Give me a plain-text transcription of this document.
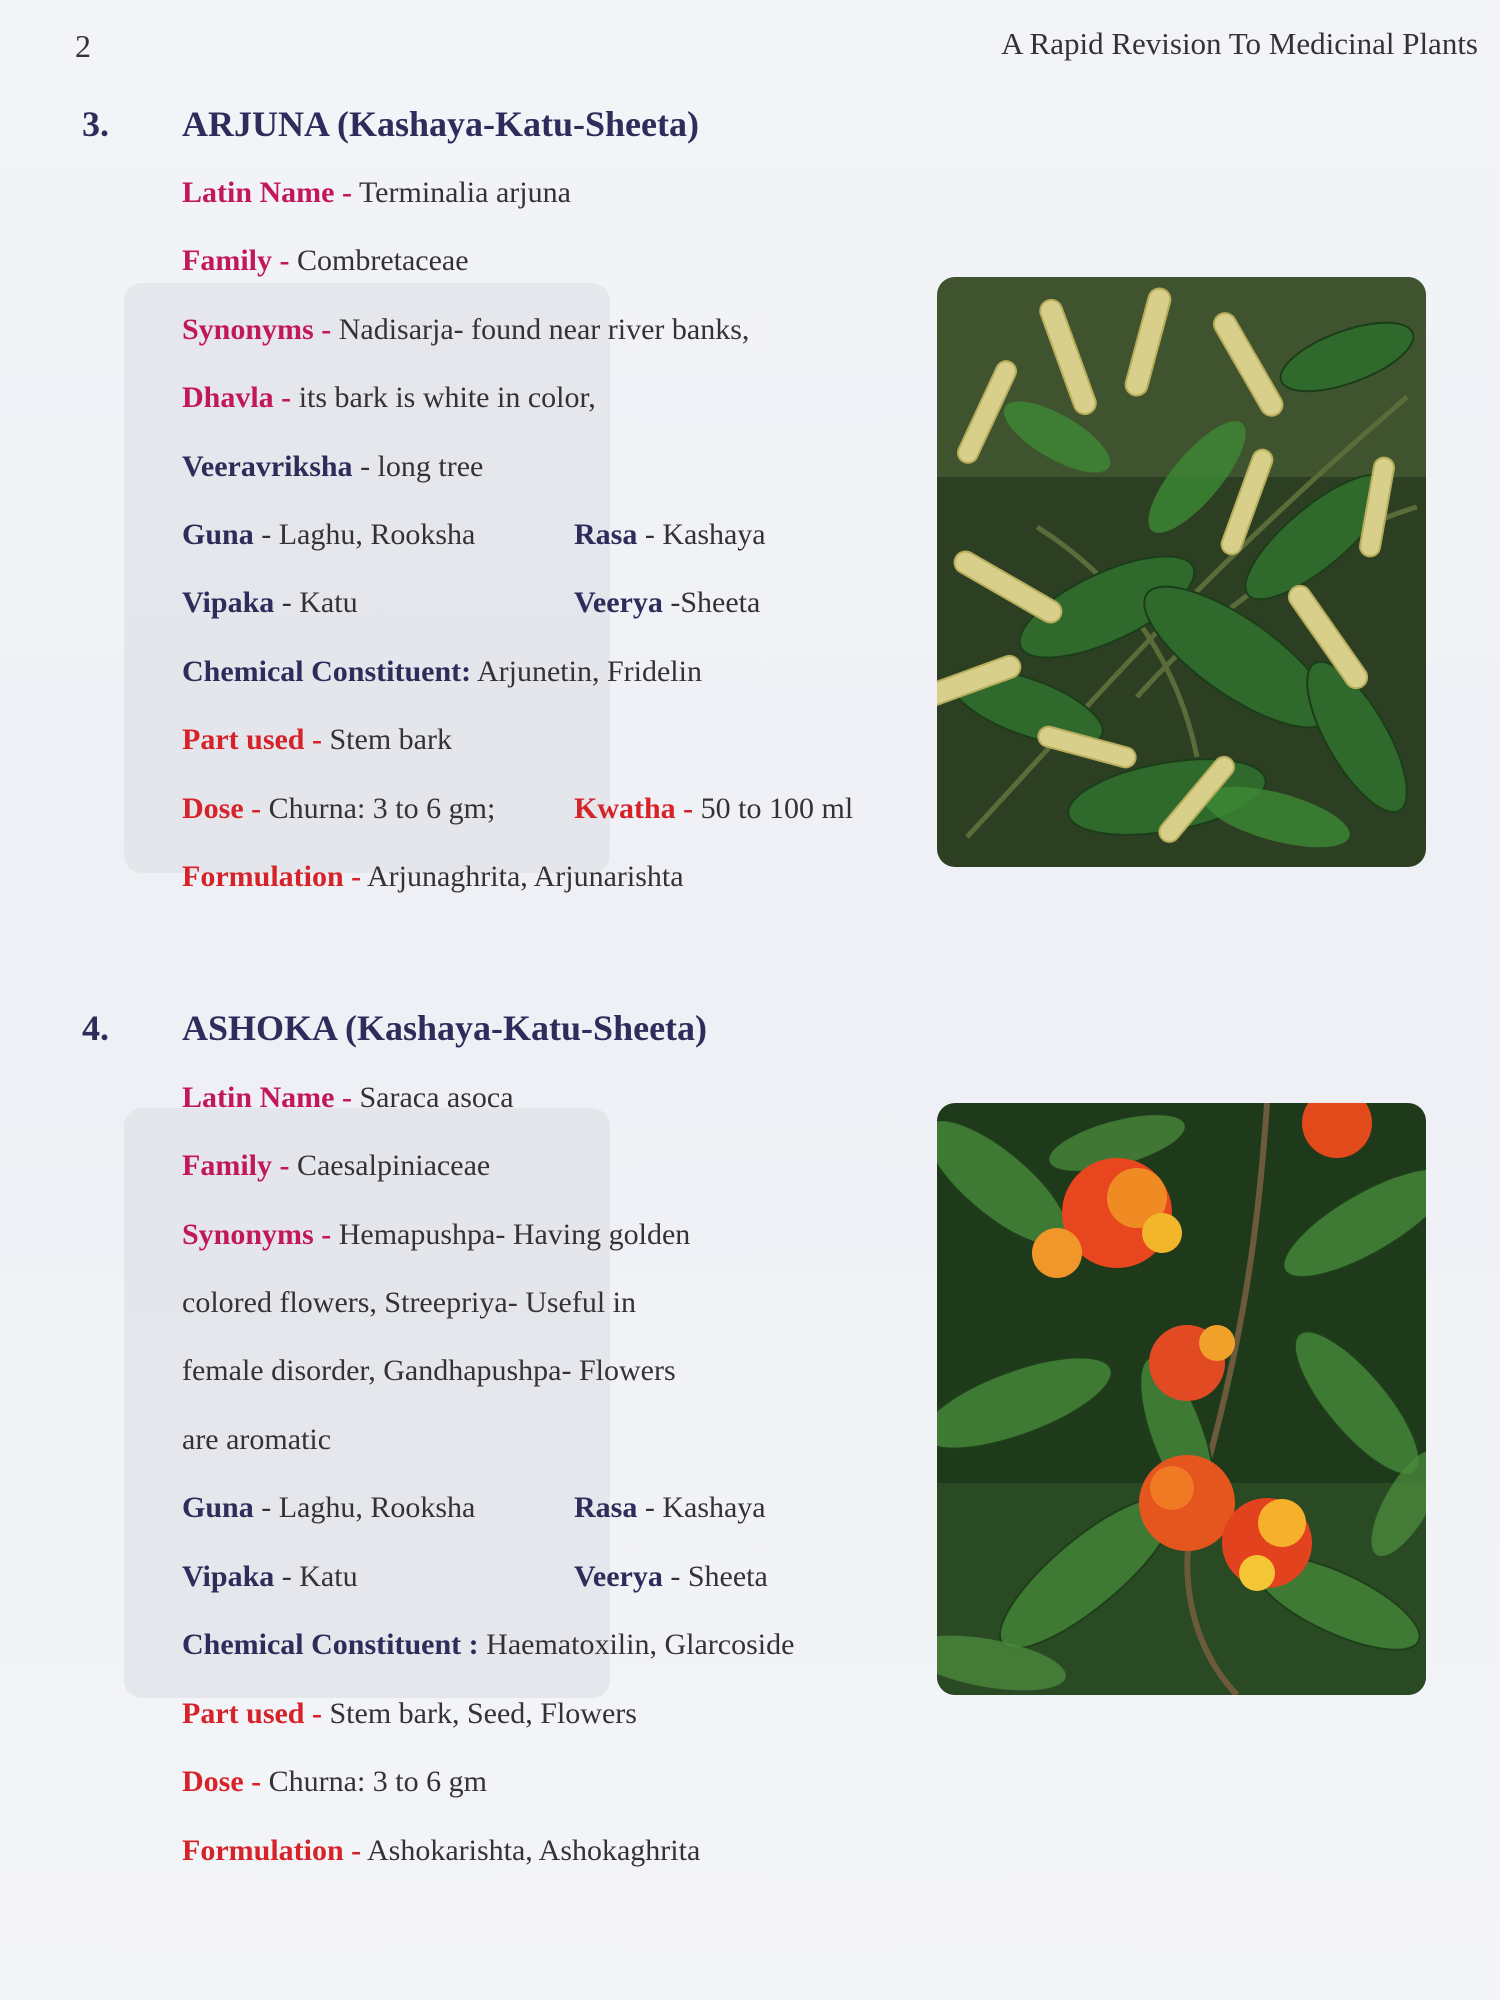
2	A Rapid Revision To Medicinal Plants
3. ARJUNA (Kashaya-Katu-Sheeta)
Latin Name - Terminalia arjuna
Family - Combretaceae
Synonyms - Nadisarja- found near river banks,
Dhavla - its bark is white in color,
Veeravriksha - long tree
Guna - Laghu, Rooksha	Rasa - Kashaya
Vipaka - Katu	Veerya -Sheeta
Chemical Constituent: Arjunetin, Fridelin
Part used - Stem bark
Dose - Churna: 3 to 6 gm;	Kwatha - 50 to 100 ml
Formulation - Arjunaghrita, Arjunarishta
4. ASHOKA (Kashaya-Katu-Sheeta)
Latin Name - Saraca asoca
Family - Caesalpiniaceae
Synonyms - Hemapushpa- Having golden
colored flowers, Streepriya- Useful in
female disorder, Gandhapushpa- Flowers
are aromatic
Guna - Laghu, Rooksha	Rasa - Kashaya
Vipaka - Katu	Veerya - Sheeta
Chemical Constituent : Haematoxilin, Glarcoside
Part used - Stem bark, Seed, Flowers
Dose - Churna: 3 to 6 gm
Formulation - Ashokarishta, Ashokaghrita
